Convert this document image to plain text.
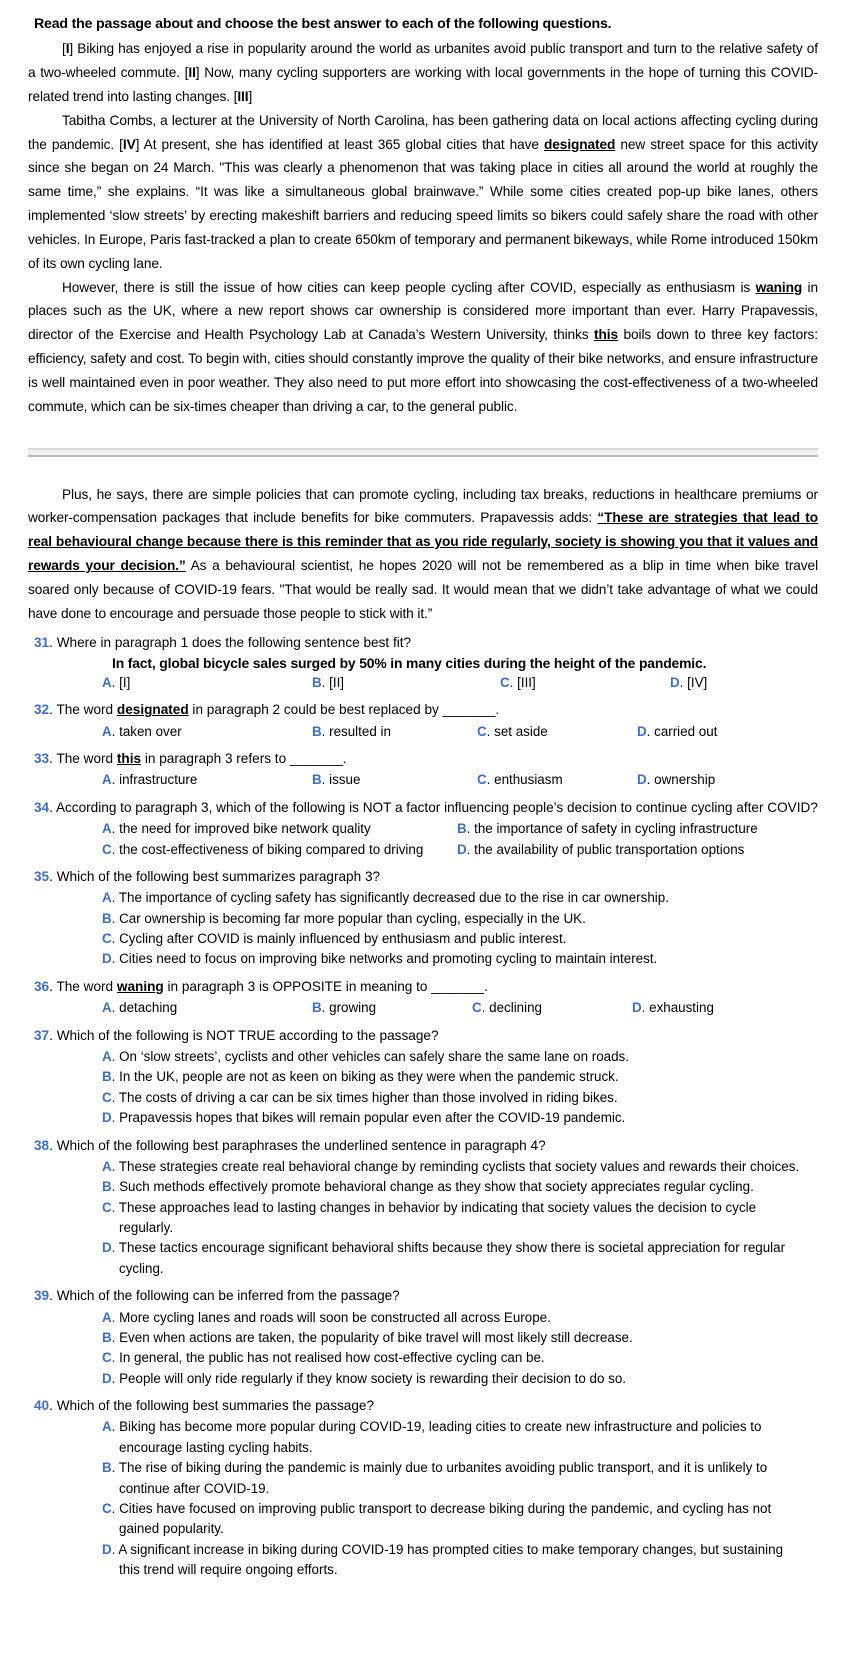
Read the passage about and choose the best answer to each of the following questions.

[I] Biking has enjoyed a rise in popularity around the world as urbanites avoid public transport and turn to the relative safety of a two-wheeled commute. [II] Now, many cycling supporters are working with local governments in the hope of turning this COVID-related trend into lasting changes. [III]

Tabitha Combs, a lecturer at the University of North Carolina, has been gathering data on local actions affecting cycling during the pandemic. [IV] At present, she has identified at least 365 global cities that have designated new street space for this activity since she began on 24 March. "This was clearly a phenomenon that was taking place in cities all around the world at roughly the same time,” she explains. “It was like a simultaneous global brainwave.” While some cities created pop-up bike lanes, others implemented ‘slow streets’ by erecting makeshift barriers and reducing speed limits so bikers could safely share the road with other vehicles. In Europe, Paris fast-tracked a plan to create 650km of temporary and permanent bikeways, while Rome introduced 150km of its own cycling lane.

However, there is still the issue of how cities can keep people cycling after COVID, especially as enthusiasm is waning in places such as the UK, where a new report shows car ownership is considered more important than ever. Harry Prapavessis, director of the Exercise and Health Psychology Lab at Canada’s Western University, thinks this boils down to three key factors: efficiency, safety and cost. To begin with, cities should constantly improve the quality of their bike networks, and ensure infrastructure is well maintained even in poor weather. They also need to put more effort into showcasing the cost-effectiveness of a two-wheeled commute, which can be six-times cheaper than driving a car, to the general public.

Plus, he says, there are simple policies that can promote cycling, including tax breaks, reductions in healthcare premiums or worker-compensation packages that include benefits for bike commuters. Prapavessis adds: “These are strategies that lead to real behavioural change because there is this reminder that as you ride regularly, society is showing you that it values and rewards your decision.” As a behavioural scientist, he hopes 2020 will not be remembered as a blip in time when bike travel soared only because of COVID-19 fears. "That would be really sad. It would mean that we didn’t take advantage of what we could have done to encourage and persuade those people to stick with it.”

31. Where in paragraph 1 does the following sentence best fit?
In fact, global bicycle sales surged by 50% in many cities during the height of the pandemic.
A. [I]	B. [II]	C. [III]	D. [IV]
32. The word designated in paragraph 2 could be best replaced by _______.
A. taken over	B. resulted in	C. set aside	D. carried out
33. The word this in paragraph 3 refers to _______.
A. infrastructure	B. issue	C. enthusiasm	D. ownership
34. According to paragraph 3, which of the following is NOT a factor influencing people’s decision to continue cycling after COVID?
A. the need for improved bike network quality	B. the importance of safety in cycling infrastructure
C. the cost-effectiveness of biking compared to driving	D. the availability of public transportation options
35. Which of the following best summarizes paragraph 3?
A. The importance of cycling safety has significantly decreased due to the rise in car ownership.
B. Car ownership is becoming far more popular than cycling, especially in the UK.
C. Cycling after COVID is mainly influenced by enthusiasm and public interest.
D. Cities need to focus on improving bike networks and promoting cycling to maintain interest.
36. The word waning in paragraph 3 is OPPOSITE in meaning to _______.
A. detaching	B. growing	C. declining	D. exhausting
37. Which of the following is NOT TRUE according to the passage?
A. On ‘slow streets’, cyclists and other vehicles can safely share the same lane on roads.
B. In the UK, people are not as keen on biking as they were when the pandemic struck.
C. The costs of driving a car can be six times higher than those involved in riding bikes.
D. Prapavessis hopes that bikes will remain popular even after the COVID-19 pandemic.
38. Which of the following best paraphrases the underlined sentence in paragraph 4?
A. These strategies create real behavioral change by reminding cyclists that society values and rewards their choices.
B. Such methods effectively promote behavioral change as they show that society appreciates regular cycling.
C. These approaches lead to lasting changes in behavior by indicating that society values the decision to cycle regularly.
D. These tactics encourage significant behavioral shifts because they show there is societal appreciation for regular cycling.
39. Which of the following can be inferred from the passage?
A. More cycling lanes and roads will soon be constructed all across Europe.
B. Even when actions are taken, the popularity of bike travel will most likely still decrease.
C. In general, the public has not realised how cost-effective cycling can be.
D. People will only ride regularly if they know society is rewarding their decision to do so.
40. Which of the following best summaries the passage?
A. Biking has become more popular during COVID-19, leading cities to create new infrastructure and policies to encourage lasting cycling habits.
B. The rise of biking during the pandemic is mainly due to urbanites avoiding public transport, and it is unlikely to continue after COVID-19.
C. Cities have focused on improving public transport to decrease biking during the pandemic, and cycling has not gained popularity.
D. A significant increase in biking during COVID-19 has prompted cities to make temporary changes, but sustaining this trend will require ongoing efforts.
